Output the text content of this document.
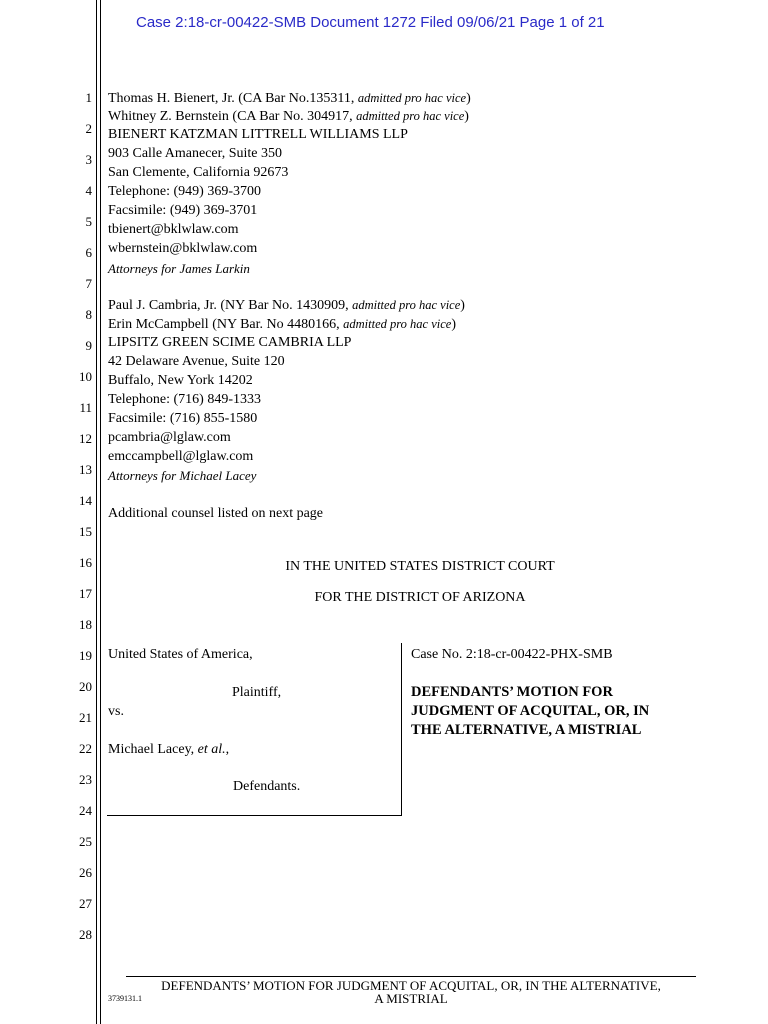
Case 2:18-cr-00422-SMB Document 1272 Filed 09/06/21 Page 1 of 21
1
2
3
4
5
6
7
8
9
10
11
12
13
14
15
16
17
18
19
20
21
22
23
24
25
26
27
28
Thomas H. Bienert, Jr. (CA Bar No.135311, admitted pro hac vice)
Whitney Z. Bernstein (CA Bar No. 304917, admitted pro hac vice)
BIENERT KATZMAN LITTRELL WILLIAMS LLP
903 Calle Amanecer, Suite 350
San Clemente, California 92673
Telephone: (949) 369-3700
Facsimile: (949) 369-3701
tbienert@bklwlaw.com
wbernstein@bklwlaw.com
Attorneys for James Larkin
Paul J. Cambria, Jr. (NY Bar No. 1430909, admitted pro hac vice)
Erin McCampbell (NY Bar. No 4480166, admitted pro hac vice)
LIPSITZ GREEN SCIME CAMBRIA LLP
42 Delaware Avenue, Suite 120
Buffalo, New York 14202
Telephone: (716) 849-1333
Facsimile: (716) 855-1580
pcambria@lglaw.com
emccampbell@lglaw.com
Attorneys for Michael Lacey
Additional counsel listed on next page
IN THE UNITED STATES DISTRICT COURT
FOR THE DISTRICT OF ARIZONA
United States of America,
Plaintiff,
vs.
Michael Lacey, et al.,
Defendants.
Case No. 2:18-cr-00422-PHX-SMB
DEFENDANTS’ MOTION FOR
JUDGMENT OF ACQUITAL, OR, IN
THE ALTERNATIVE, A MISTRIAL
DEFENDANTS’ MOTION FOR JUDGMENT OF ACQUITAL, OR, IN THE ALTERNATIVE,
A MISTRIAL
3739131.1
